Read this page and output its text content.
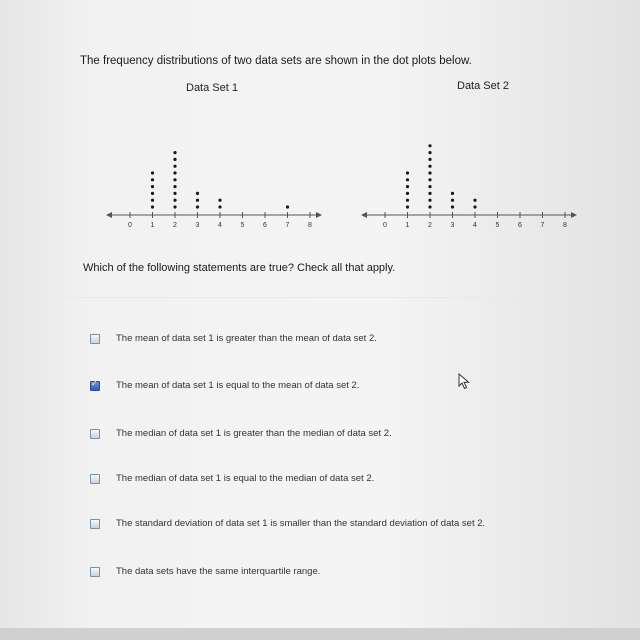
The frequency distributions of two data sets are shown in the dot plots below.
Data Set 1
0	1	2	3	4	5	6	7	8
Data Set 2
0	1	2	3	4	5	6	7	8
Which of the following statements are true? Check all that apply.
The mean of data set 1 is greater than the mean of data set 2.
✓
The mean of data set 1 is equal to the mean of data set 2.
The median of data set 1 is greater than the median of data set 2.
The median of data set 1 is equal to the median of data set 2.
The standard deviation of data set 1 is smaller than the standard deviation of data set 2.
The data sets have the same interquartile range.
